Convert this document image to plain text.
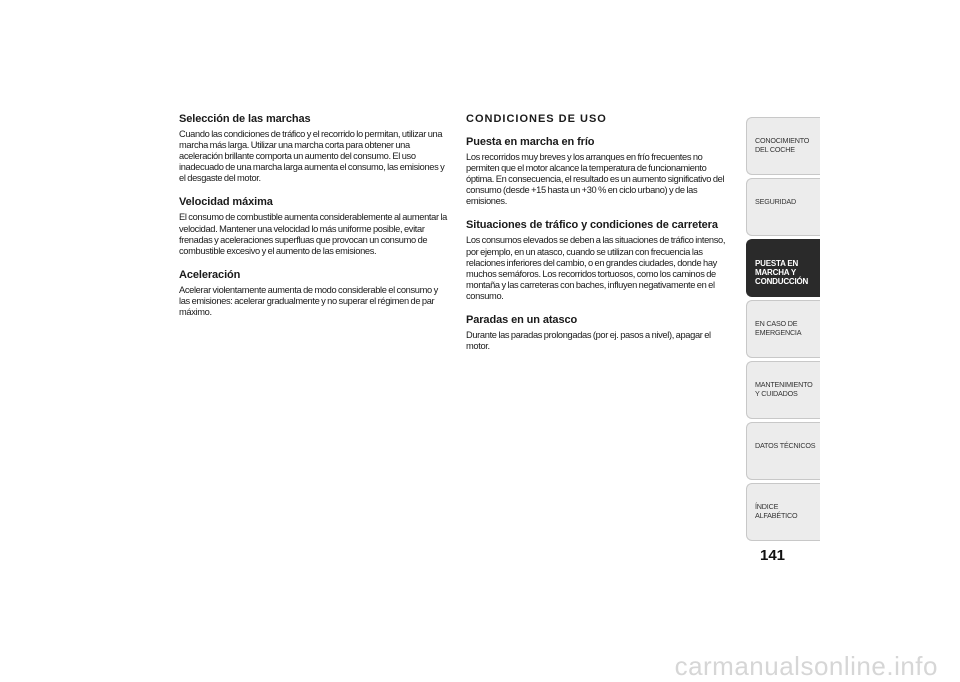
Selección de las marchas

Cuando las condiciones de tráfico y el recorrido lo permitan, utilizar una marcha más larga. Utilizar una marcha corta para obtener una aceleración brillante comporta un aumento del consumo. El uso inadecuado de una marcha larga aumenta el consumo, las emisiones y el desgaste del motor.

Velocidad máxima

El consumo de combustible aumenta considerablemente al aumentar la velocidad. Mantener una velocidad lo más uniforme posible, evitar frenadas y aceleraciones superfluas que provocan un consumo de combustible excesivo y el aumento de las emisiones.

Aceleración

Acelerar violentamente aumenta de modo considerable el consumo y las emisiones: acelerar gradualmente y no superar el régimen de par máximo.

CONDICIONES DE USO

Puesta en marcha en frío

Los recorridos muy breves y los arranques en frío frecuentes no permiten que el motor alcance la temperatura de funcionamiento óptima. En consecuencia, el resultado es un aumento significativo del consumo (desde +15 hasta un +30 % en ciclo urbano) y de las emisiones.

Situaciones de tráfico y condiciones de carretera

Los consumos elevados se deben a las situaciones de tráfico intenso, por ejemplo, en un atasco, cuando se utilizan con frecuencia las relaciones inferiores del cambio, o en grandes ciudades, donde hay muchos semáforos. Los recorridos tortuosos, como los caminos de montaña y las carreteras con baches, influyen negativamente en el consumo.

Paradas en un atasco

Durante las paradas prolongadas (por ej. pasos a nivel), apagar el motor.

CONOCIMIENTO DEL COCHE
SEGURIDAD
PUESTA EN MARCHA Y CONDUCCIÓN
EN CASO DE EMERGENCIA
MANTENIMIENTO Y CUIDADOS
DATOS TÉCNICOS
ÍNDICE ALFABÉTICO
141
carmanualsonline.info
